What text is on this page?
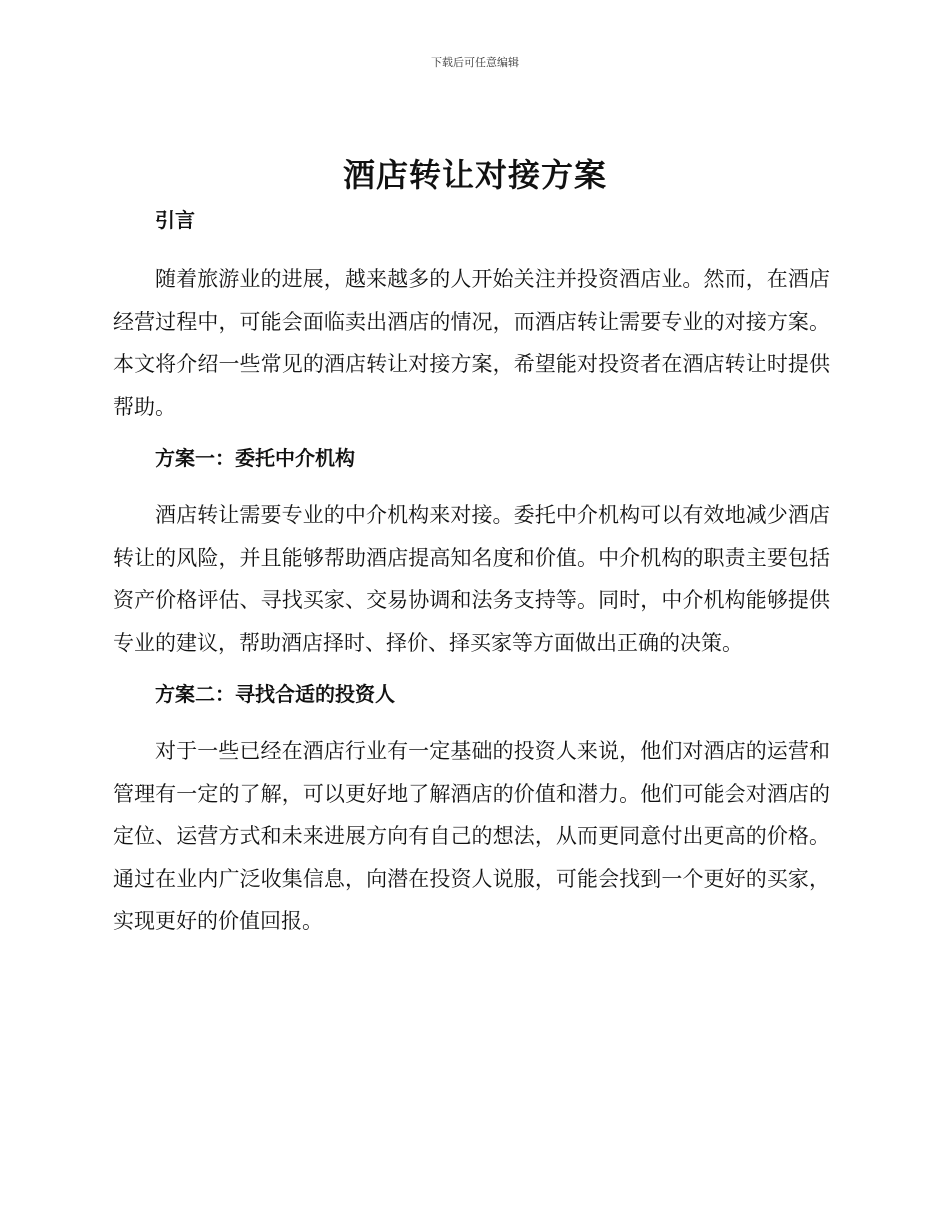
下载后可任意编辑
酒店转让对接方案
引言

随着旅游业的进展，越来越多的人开始关注并投资酒店业。然而，在酒店经营过程中，可能会面临卖出酒店的情况，而酒店转让需要专业的对接方案。本文将介绍一些常见的酒店转让对接方案，希望能对投资者在酒店转让时提供帮助。

方案一：委托中介机构

酒店转让需要专业的中介机构来对接。委托中介机构可以有效地减少酒店转让的风险，并且能够帮助酒店提高知名度和价值。中介机构的职责主要包括资产价格评估、寻找买家、交易协调和法务支持等。同时，中介机构能够提供专业的建议，帮助酒店择时、择价、择买家等方面做出正确的决策。

方案二：寻找合适的投资人

对于一些已经在酒店行业有一定基础的投资人来说，他们对酒店的运营和管理有一定的了解，可以更好地了解酒店的价值和潜力。他们可能会对酒店的定位、运营方式和未来进展方向有自己的想法，从而更同意付出更高的价格。通过在业内广泛收集信息，向潜在投资人说服，可能会找到一个更好的买家，实现更好的价值回报。
